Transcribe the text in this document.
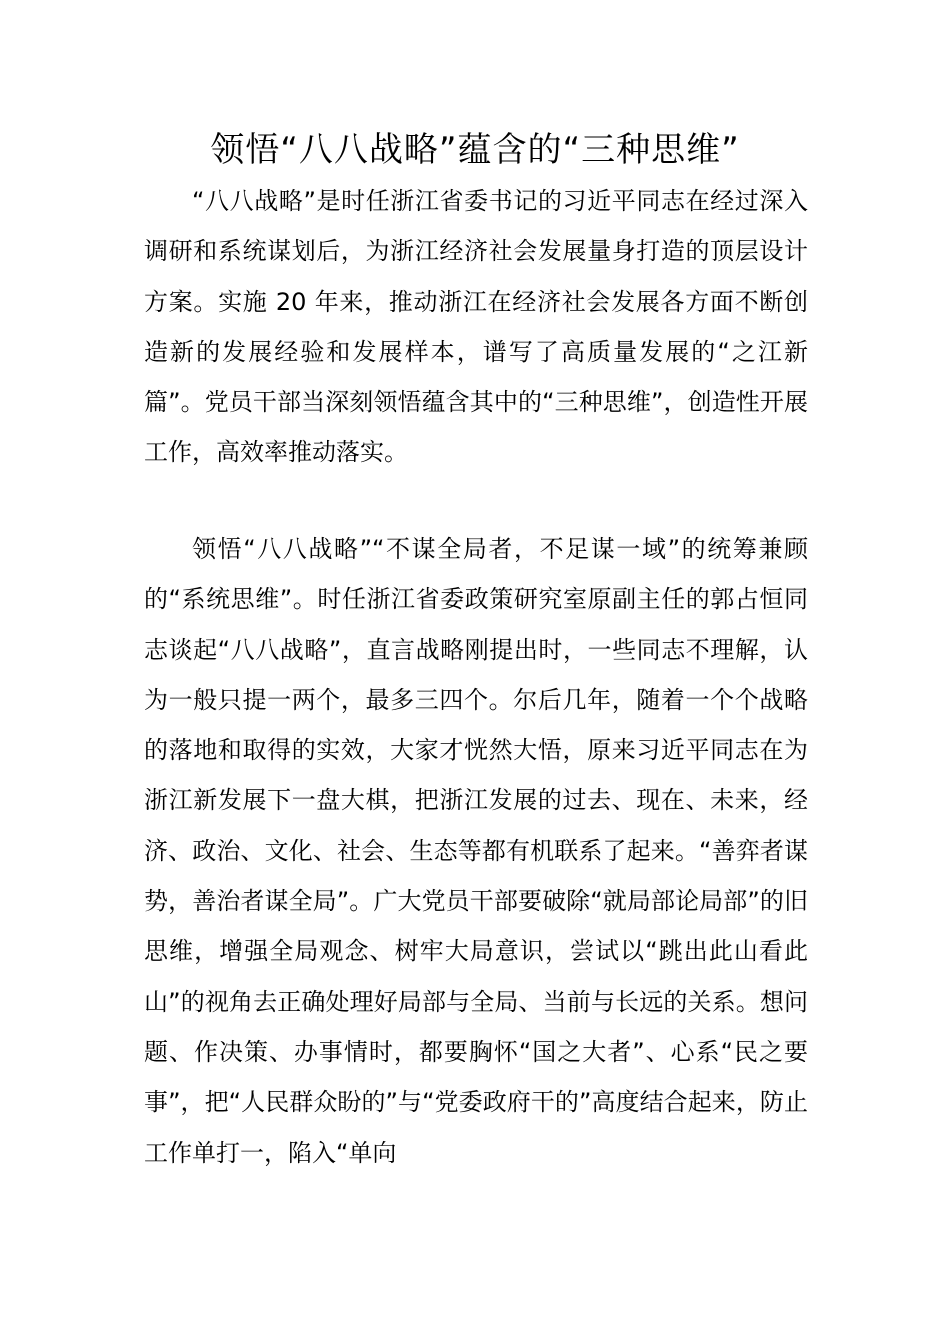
领悟“八八战略”蕴含的“三种思维”

“八八战略”是时任浙江省委书记的习近平同志在经过深入调研和系统谋划后，为浙江经济社会发展量身打造的顶层设计方案。实施 20 年来，推动浙江在经济社会发展各方面不断创造新的发展经验和发展样本，谱写了高质量发展的“之江新篇”。党员干部当深刻领悟蕴含其中的“三种思维”，创造性开展工作，高效率推动落实。

领悟“八八战略”“不谋全局者，不足谋一域”的统筹兼顾的“系统思维”。时任浙江省委政策研究室原副主任的郭占恒同志谈起“八八战略”，直言战略刚提出时，一些同志不理解，认为一般只提一两个，最多三四个。尔后几年，随着一个个战略的落地和取得的实效，大家才恍然大悟，原来习近平同志在为浙江新发展下一盘大棋，把浙江发展的过去、现在、未来，经济、政治、文化、社会、生态等都有机联系了起来。“善弈者谋势，善治者谋全局”。广大党员干部要破除“就局部论局部”的旧思维，增强全局观念、树牢大局意识，尝试以“跳出此山看此山”的视角去正确处理好局部与全局、当前与长远的关系。想问题、作决策、办事情时，都要胸怀“国之大者”、心系“民之要事”，把“人民群众盼的”与“党委政府干的”高度结合起来，防止工作单打一，陷入“单向
